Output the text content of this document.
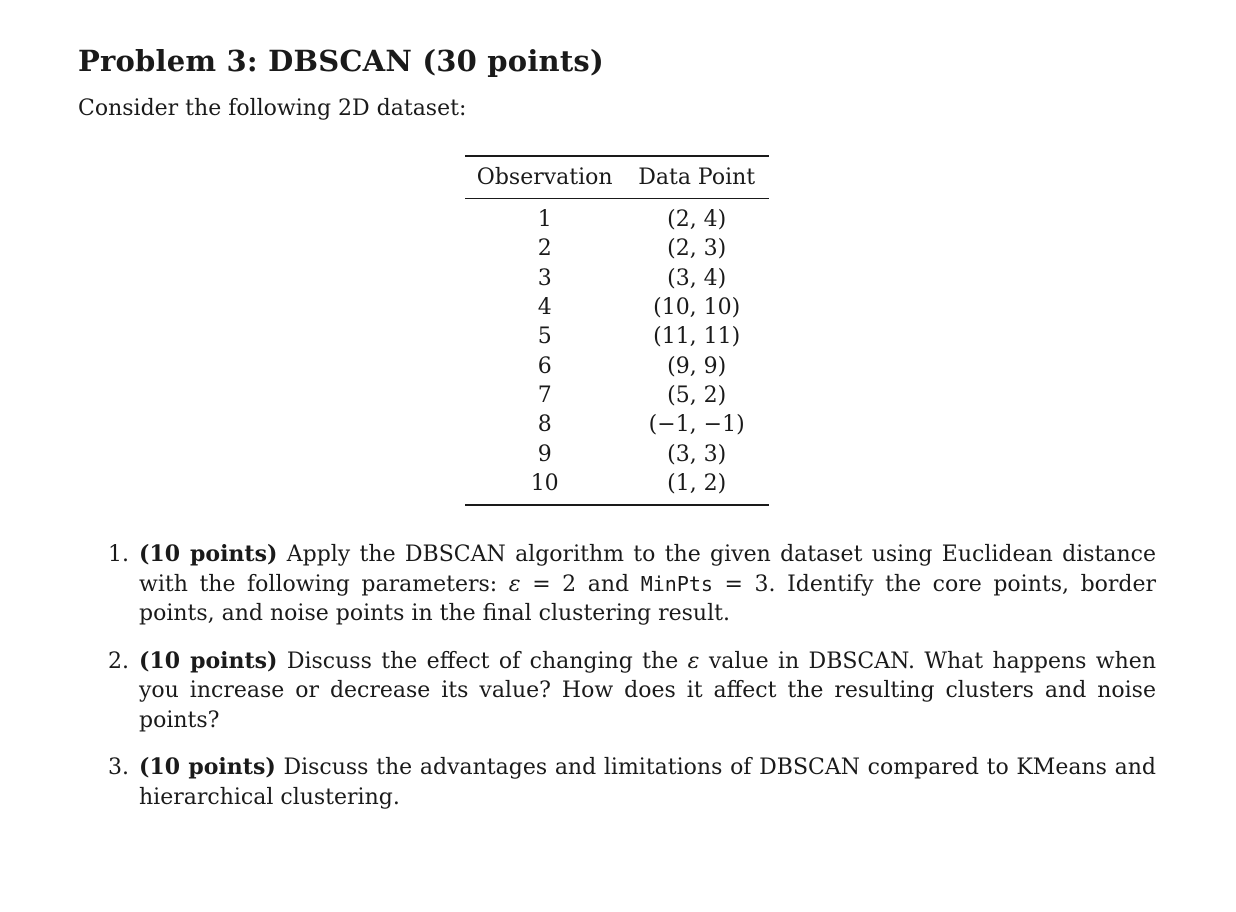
Problem 3: DBSCAN (30 points)
Consider the following 2D dataset:
Observation	Data Point
1	(2, 4)
2	(2, 3)
3	(3, 4)
4	(10, 10)
5	(11, 11)
6	(9, 9)
7	(5, 2)
8	(−1, −1)
9	(3, 3)
10	(1, 2)
1. (10 points) Apply the DBSCAN algorithm to the given dataset using Euclidean distance with the following parameters: ε = 2 and MinPts = 3. Identify the core points, border points, and noise points in the final clustering result.
2. (10 points) Discuss the effect of changing the ε value in DBSCAN. What happens when you increase or decrease its value? How does it affect the resulting clusters and noise points?
3. (10 points) Discuss the advantages and limitations of DBSCAN compared to KMeans and hierarchical clustering.
